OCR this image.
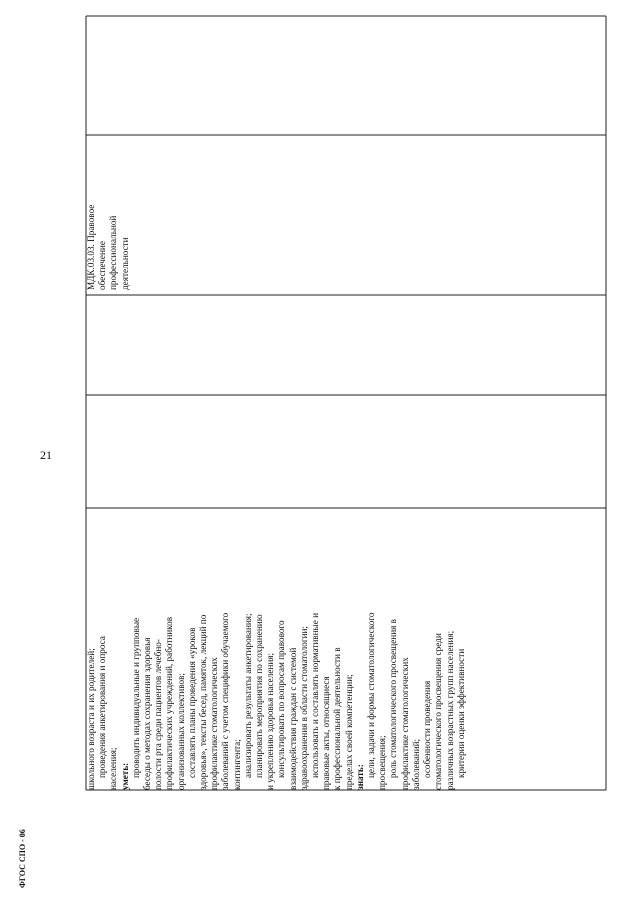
21

МДК.03.03. Правовое обеспечение профессиональной деятельности

школьного возраста и их родителей; проведения анкетирования и опроса населения; уметь: проводить индивидуальные и групповые беседы о методах сохранения здоровья полости рта среди пациентов лечебно- профилактических учреждений, работников организованных коллективов; составлять планы проведения «уроков здоровья», тексты бесед, памяток, лекций по профилактике стоматологических заболеваний с учетом специфики обучаемого контингента; анализировать результаты анкетирования; планировать мероприятия по сохранению и укреплению здоровья населения; консультировать по вопросам правового взаимодействия граждан с системой здравоохранения в области стоматологии; использовать и составлять нормативные и правовые акты, относящиеся к профессиональной деятельности в пределах своей компетенции; знать: цели, задачи и формы стоматологического просвещения; роль стоматологического просвещения в профилактике стоматологических заболеваний; особенности проведения стоматологического просвещения среди различных возрастных групп населения; критерии оценки эффективности

ФГОС СПО - 06
